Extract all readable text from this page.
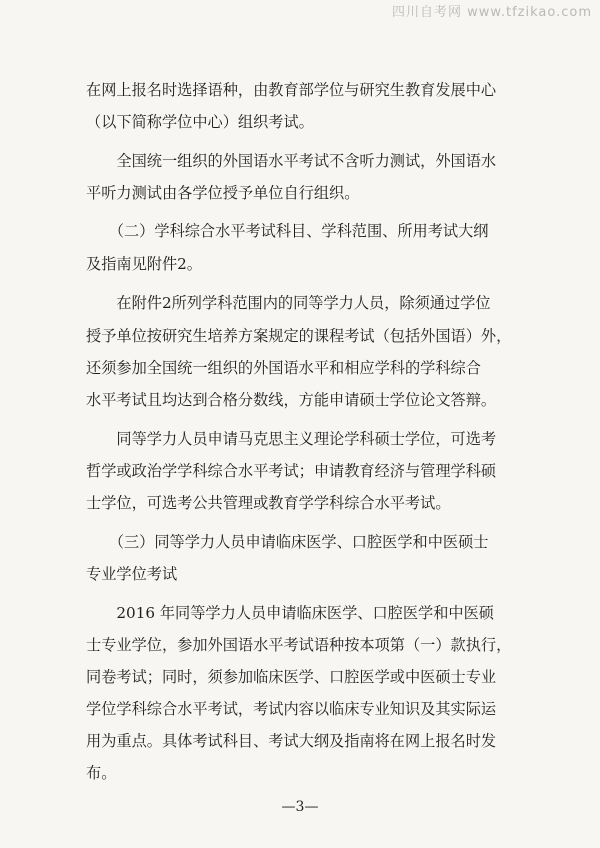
四川自考网 www.tfzikao.com
在网上报名时选择语种，由教育部学位与研究生教育发展中心
（以下简称学位中心）组织考试。
　　全国统一组织的外国语水平考试不含听力测试，外国语水
平听力测试由各学位授予单位自行组织。
　　（二）学科综合水平考试科目、学科范围、所用考试大纲
及指南见附件2。
　　在附件2所列学科范围内的同等学力人员，除须通过学位
授予单位按研究生培养方案规定的课程考试（包括外国语）外，
还须参加全国统一组织的外国语水平和相应学科的学科综合
水平考试且均达到合格分数线，方能申请硕士学位论文答辩。
　　同等学力人员申请马克思主义理论学科硕士学位，可选考
哲学或政治学学科综合水平考试；申请教育经济与管理学科硕
士学位，可选考公共管理或教育学学科综合水平考试。
　　（三）同等学力人员申请临床医学、口腔医学和中医硕士
专业学位考试
　　2016 年同等学力人员申请临床医学、口腔医学和中医硕
士专业学位，参加外国语水平考试语种按本项第（一）款执行，
同卷考试；同时，须参加临床医学、口腔医学或中医硕士专业
学位学科综合水平考试，考试内容以临床专业知识及其实际运
用为重点。具体考试科目、考试大纲及指南将在网上报名时发
布。
—3—
